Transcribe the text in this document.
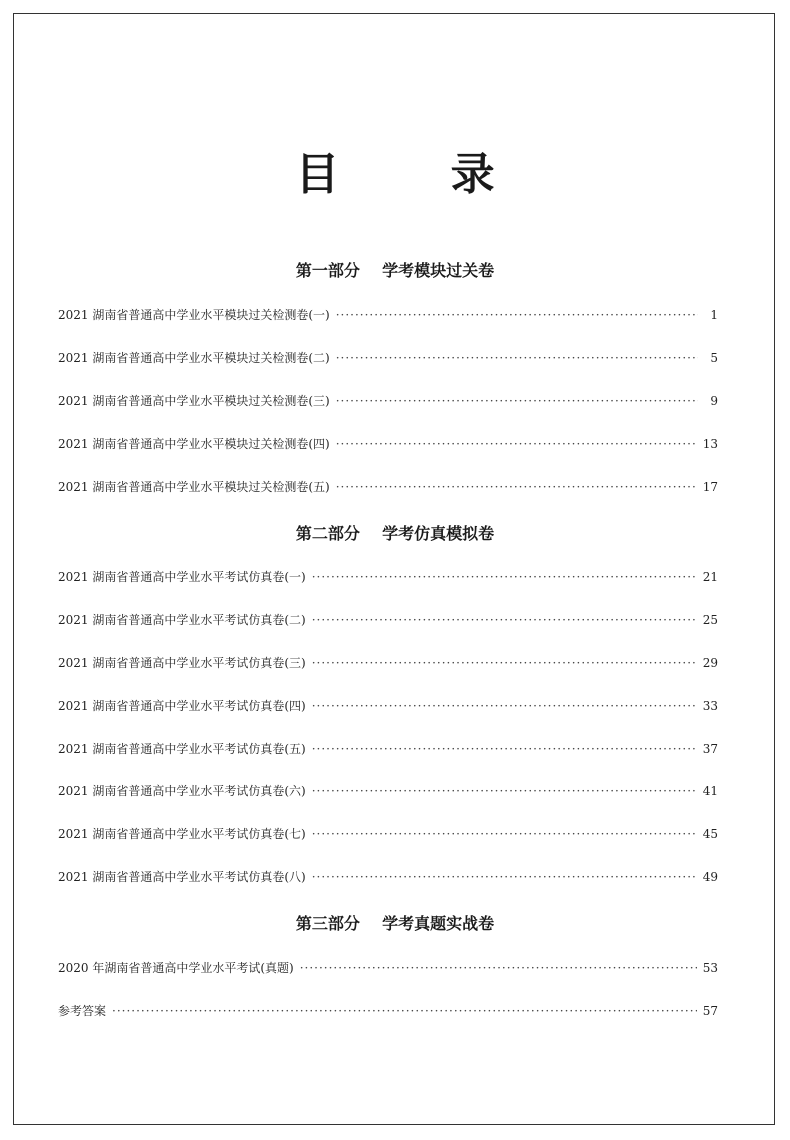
目 录
第一部分    学考模块过关卷
2021 湖南省普通高中学业水平模块过关检测卷(一) ·····	1
2021 湖南省普通高中学业水平模块过关检测卷(二) ·····	5
2021 湖南省普通高中学业水平模块过关检测卷(三) ·····	9
2021 湖南省普通高中学业水平模块过关检测卷(四) ·····	13
2021 湖南省普通高中学业水平模块过关检测卷(五) ·····	17
第二部分    学考仿真模拟卷
2021 湖南省普通高中学业水平考试仿真卷(一) ·····	21
2021 湖南省普通高中学业水平考试仿真卷(二) ·····	25
2021 湖南省普通高中学业水平考试仿真卷(三) ·····	29
2021 湖南省普通高中学业水平考试仿真卷(四) ·····	33
2021 湖南省普通高中学业水平考试仿真卷(五) ·····	37
2021 湖南省普通高中学业水平考试仿真卷(六) ·····	41
2021 湖南省普通高中学业水平考试仿真卷(七) ·····	45
2021 湖南省普通高中学业水平考试仿真卷(八) ·····	49
第三部分    学考真题实战卷
2020 年湖南省普通高中学业水平考试(真题) ·····	53
参考答案 ·····	57
